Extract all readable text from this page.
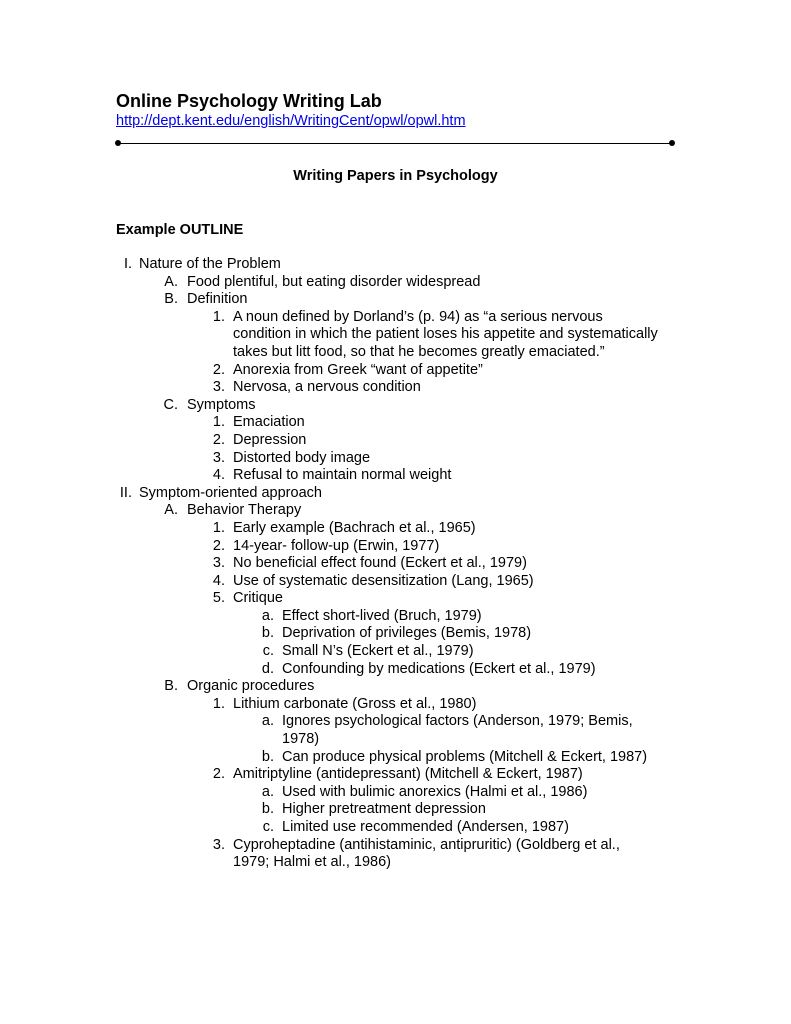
Online Psychology Writing Lab
http://dept.kent.edu/english/WritingCent/opwl/opwl.htm
Writing Papers in Psychology
Example OUTLINE
I. Nature of the Problem
A. Food plentiful, but eating disorder widespread
B. Definition
1. A noun defined by Dorland’s (p. 94) as “a serious nervous
condition in which the patient loses his appetite and systematically
takes but litt food, so that he becomes greatly emaciated.”
2. Anorexia from Greek “want of appetite”
3. Nervosa, a nervous condition
C. Symptoms
1. Emaciation
2. Depression
3. Distorted body image
4. Refusal to maintain normal weight
II. Symptom-oriented approach
A. Behavior Therapy
1. Early example (Bachrach et al., 1965)
2. 14-year- follow-up (Erwin, 1977)
3. No beneficial effect found (Eckert et al., 1979)
4. Use of systematic desensitization (Lang, 1965)
5. Critique
a. Effect short-lived (Bruch, 1979)
b. Deprivation of privileges (Bemis, 1978)
c. Small N’s (Eckert et al., 1979)
d. Confounding by medications (Eckert et al., 1979)
B. Organic procedures
1. Lithium carbonate (Gross et al., 1980)
a. Ignores psychological factors (Anderson, 1979; Bemis,
1978)
b. Can produce physical problems (Mitchell & Eckert, 1987)
2. Amitriptyline (antidepressant) (Mitchell & Eckert, 1987)
a. Used with bulimic anorexics (Halmi et al., 1986)
b. Higher pretreatment depression
c. Limited use recommended (Andersen, 1987)
3. Cyproheptadine (antihistaminic, antipruritic) (Goldberg et al.,
1979; Halmi et al., 1986)
